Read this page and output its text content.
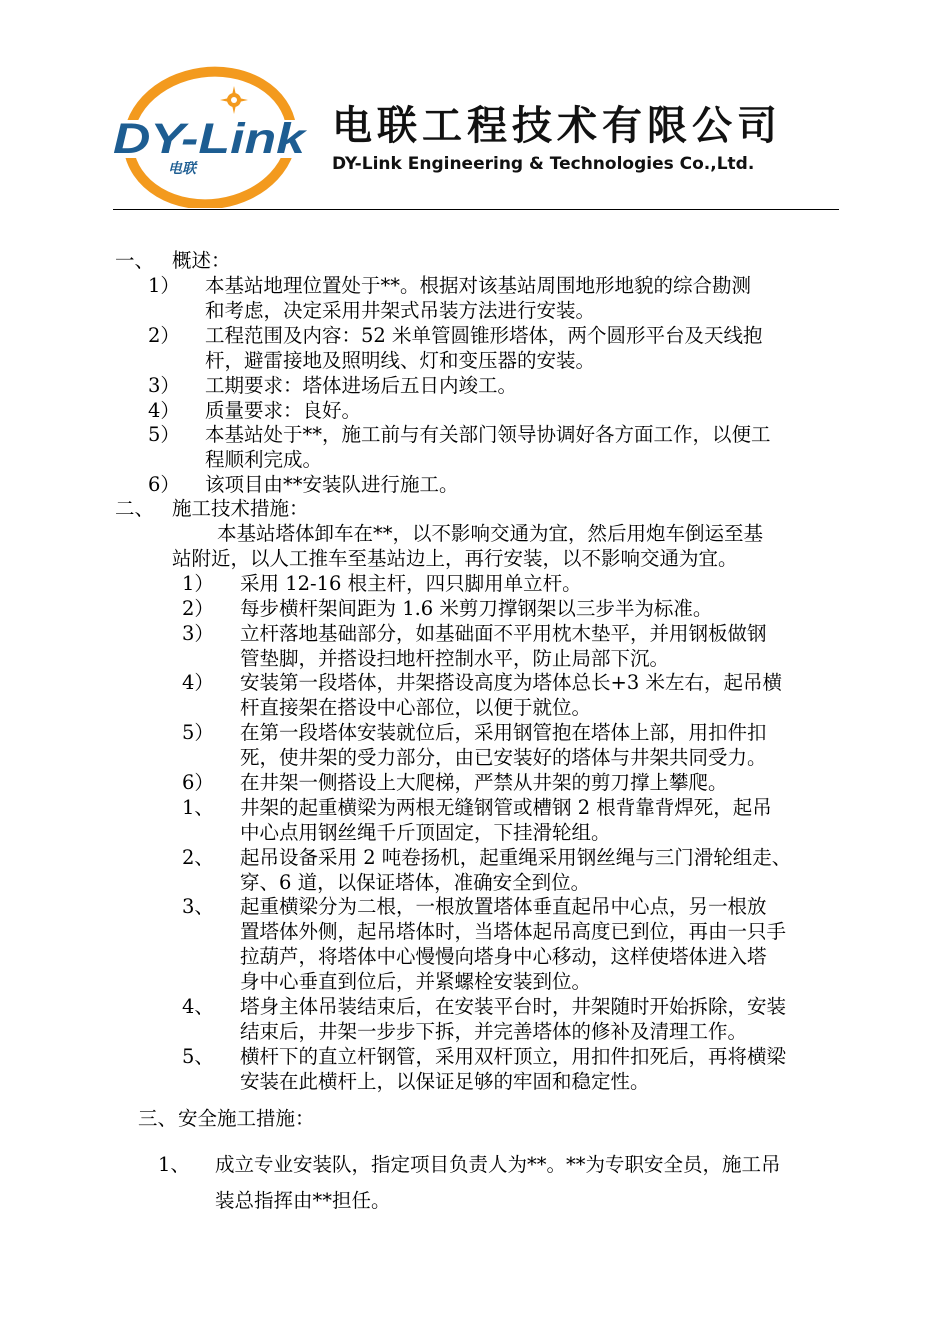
DY-Link
电联
电联工程技术有限公司
DY-Link Engineering & Technologies Co.,Ltd.
一、 概述：
1） 本基站地理位置处于**。根据对该基站周围地形地貌的综合勘测
和考虑，决定采用井架式吊装方法进行安装。
2） 工程范围及内容：52 米单管圆锥形塔体，两个圆形平台及天线抱
杆，避雷接地及照明线、灯和变压器的安装。
3） 工期要求：塔体进场后五日内竣工。
4） 质量要求：良好。
5） 本基站处于**，施工前与有关部门领导协调好各方面工作，以便工
程顺利完成。
6） 该项目由**安装队进行施工。
二、 施工技术措施：
本基站塔体卸车在**，以不影响交通为宜，然后用炮车倒运至基
站附近，以人工推车至基站边上，再行安装，以不影响交通为宜。
1） 采用 12-16 根主杆，四只脚用单立杆。
2） 每步横杆架间距为 1.6 米剪刀撑钢架以三步半为标准。
3） 立杆落地基础部分，如基础面不平用枕木垫平，并用钢板做钢
管垫脚，并搭设扫地杆控制水平，防止局部下沉。
4） 安装第一段塔体，井架搭设高度为塔体总长+3 米左右，起吊横
杆直接架在搭设中心部位，以便于就位。
5） 在第一段塔体安装就位后，采用钢管抱在塔体上部，用扣件扣
死，使井架的受力部分，由已安装好的塔体与井架共同受力。
6） 在井架一侧搭设上大爬梯，严禁从井架的剪刀撑上攀爬。
1、 井架的起重横梁为两根无缝钢管或槽钢 2 根背靠背焊死，起吊
中心点用钢丝绳千斤顶固定，下挂滑轮组。
2、 起吊设备采用 2 吨卷扬机，起重绳采用钢丝绳与三门滑轮组走、
穿、6 道，以保证塔体，准确安全到位。
3、 起重横梁分为二根，一根放置塔体垂直起吊中心点，另一根放
置塔体外侧，起吊塔体时，当塔体起吊高度已到位，再由一只手
拉葫芦，将塔体中心慢慢向塔身中心移动，这样使塔体进入塔
身中心垂直到位后，并紧螺栓安装到位。
4、 塔身主体吊装结束后，在安装平台时，井架随时开始拆除，安装
结束后，井架一步步下拆，并完善塔体的修补及清理工作。
5、 横杆下的直立杆钢管，采用双杆顶立，用扣件扣死后，再将横梁
安装在此横杆上，以保证足够的牢固和稳定性。
三、 安全施工措施：
1、 成立专业安装队，指定项目负责人为**。**为专职安全员，施工吊
装总指挥由**担任。
